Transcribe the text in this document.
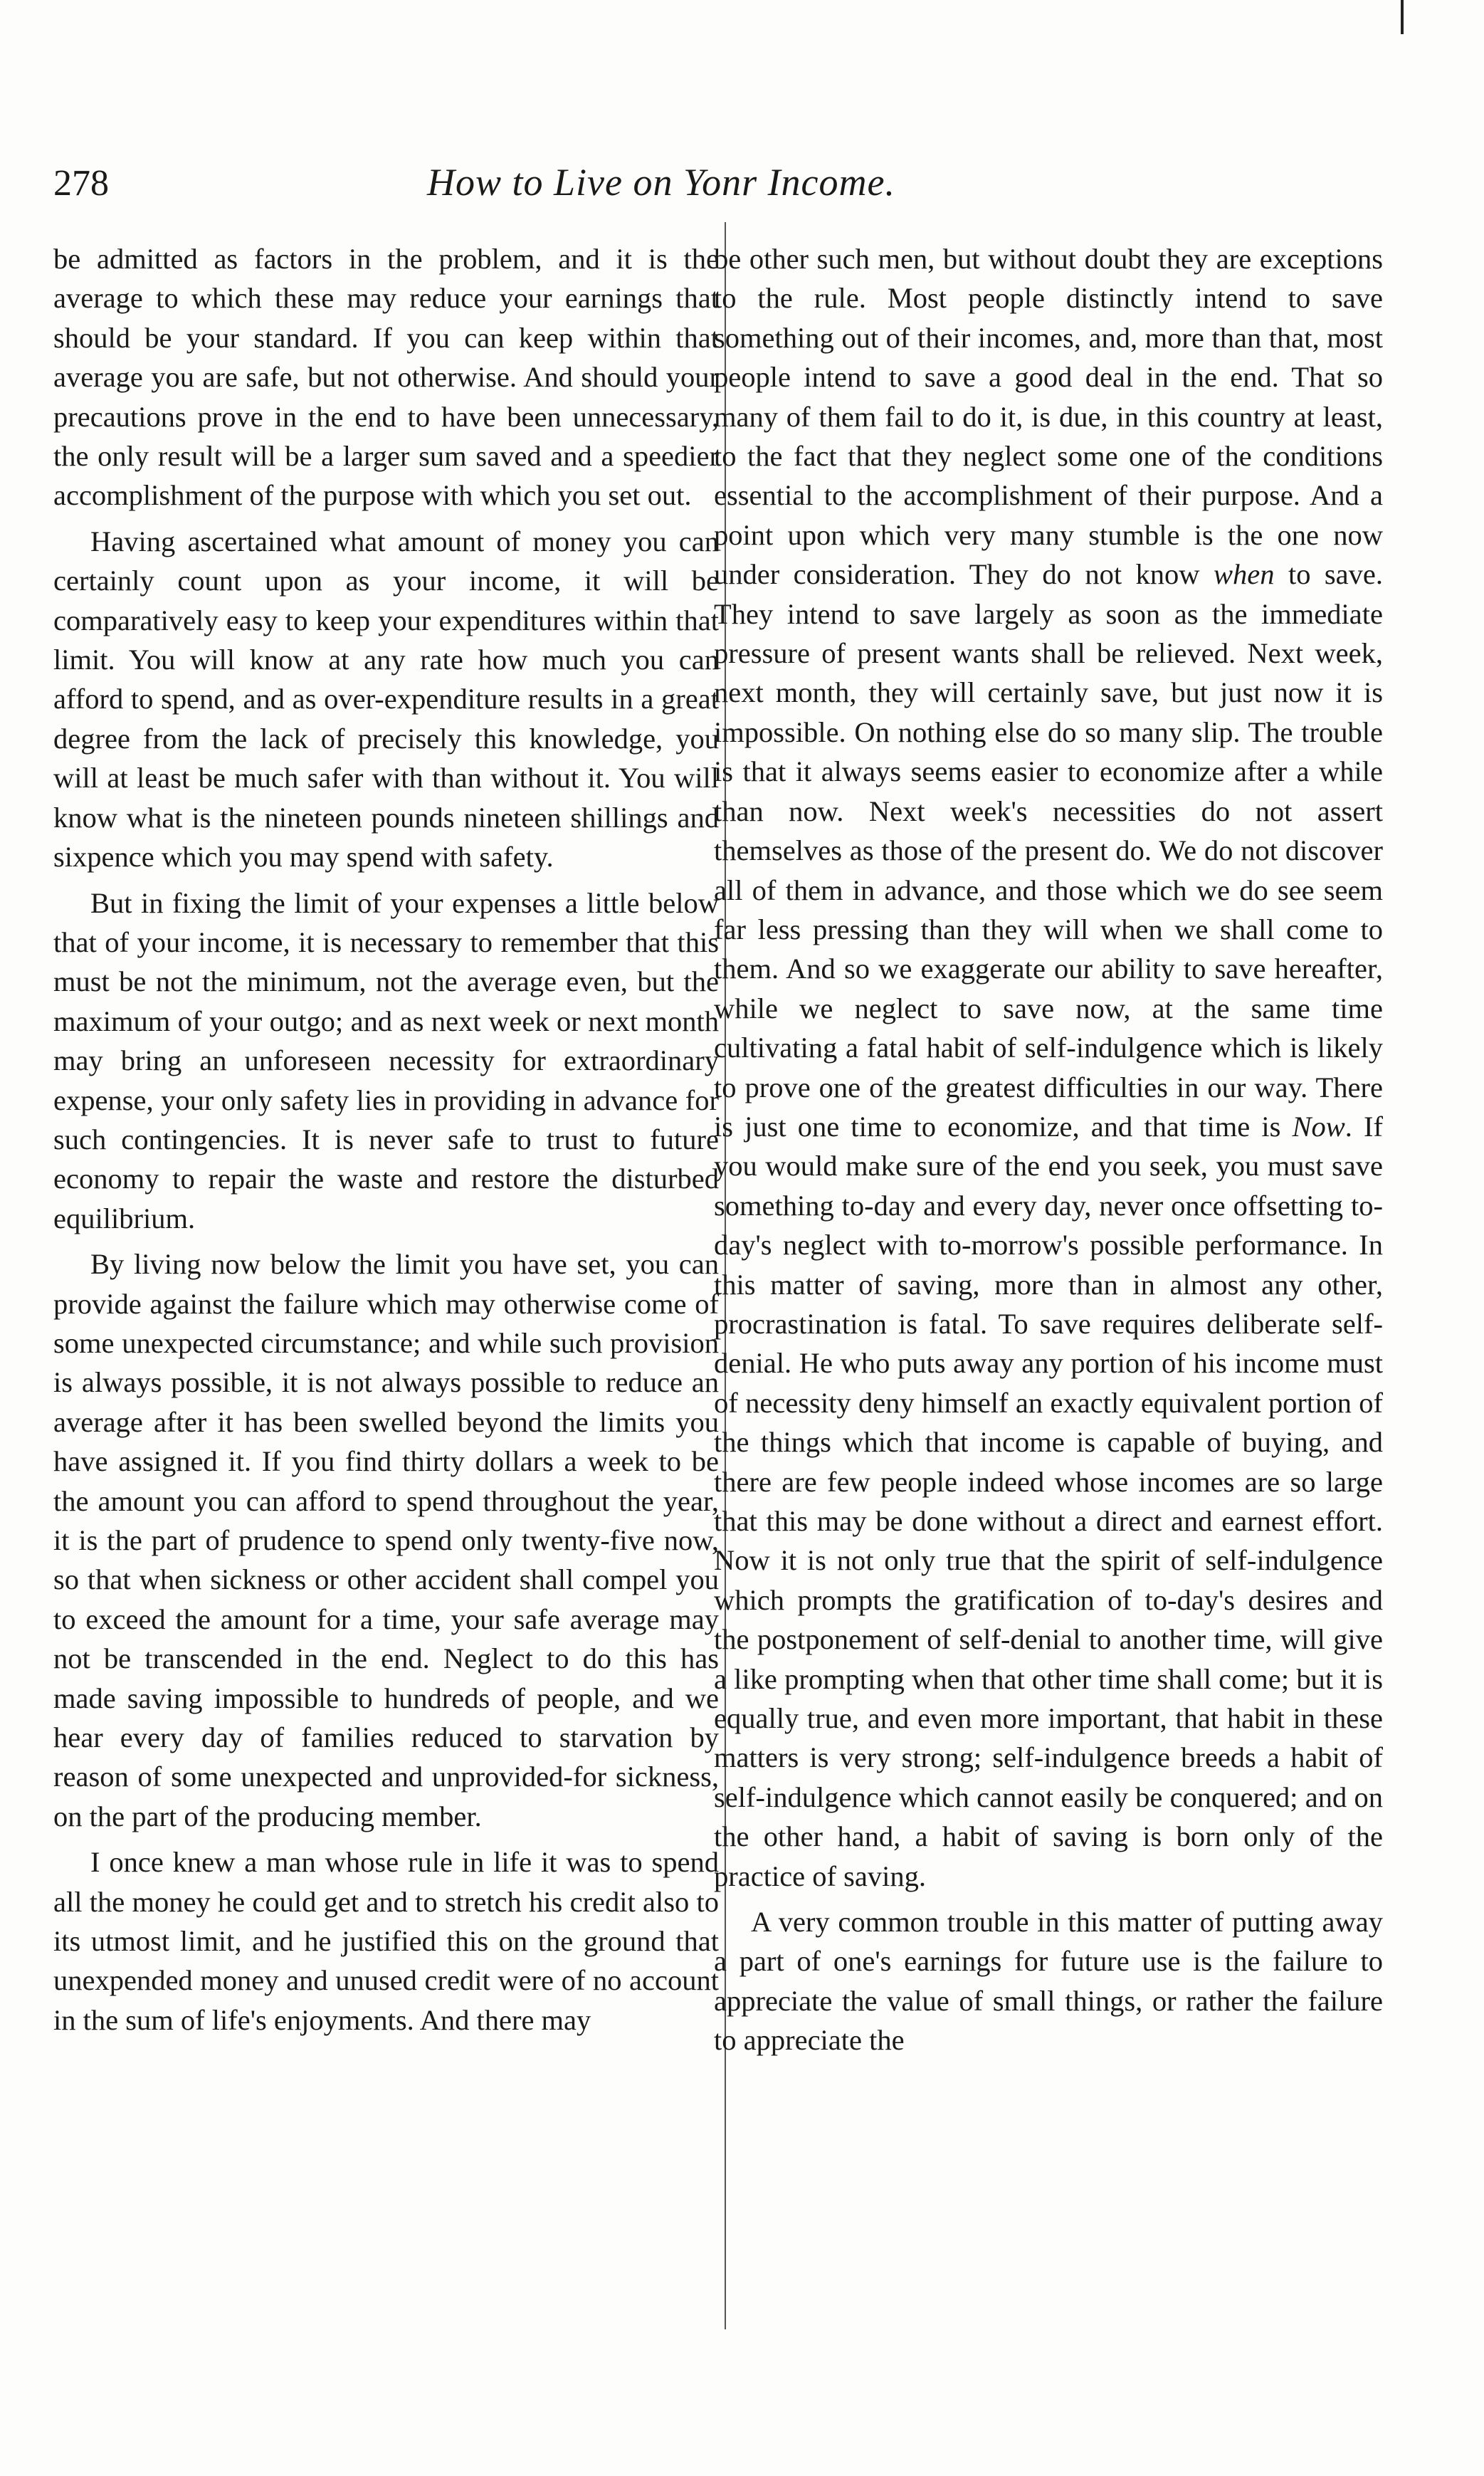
278	How to Live on Yonr Income.

be admitted as factors in the problem, and it is the average to which these may reduce your earnings that should be your standard. If you can keep within that average you are safe, but not otherwise. And should your precautions prove in the end to have been unnecessary, the only result will be a larger sum saved and a speedier accomplishment of the purpose with which you set out.

Having ascertained what amount of money you can certainly count upon as your income, it will be comparatively easy to keep your expenditures within that limit. You will know at any rate how much you can afford to spend, and as over-expenditure results in a great degree from the lack of precisely this knowledge, you will at least be much safer with than without it. You will know what is the nineteen pounds nineteen shillings and sixpence which you may spend with safety.

But in fixing the limit of your expenses a little below that of your income, it is necessary to remember that this must be not the minimum, not the average even, but the maximum of your outgo; and as next week or next month may bring an unforeseen necessity for extraordinary expense, your only safety lies in providing in advance for such contingencies. It is never safe to trust to future economy to repair the waste and restore the disturbed equilibrium.

By living now below the limit you have set, you can provide against the failure which may otherwise come of some unexpected circumstance; and while such provision is always possible, it is not always possible to reduce an average after it has been swelled beyond the limits you have assigned it. If you find thirty dollars a week to be the amount you can afford to spend throughout the year, it is the part of prudence to spend only twenty-five now, so that when sickness or other accident shall compel you to exceed the amount for a time, your safe average may not be transcended in the end. Neglect to do this has made saving impossible to hundreds of people, and we hear every day of families reduced to starvation by reason of some unexpected and unprovided-for sickness, on the part of the producing member.

I once knew a man whose rule in life it was to spend all the money he could get and to stretch his credit also to its utmost limit, and he justified this on the ground that unexpended money and unused credit were of no account in the sum of life's enjoyments. And there may

be other such men, but without doubt they are exceptions to the rule. Most people distinctly intend to save something out of their incomes, and, more than that, most people intend to save a good deal in the end. That so many of them fail to do it, is due, in this country at least, to the fact that they neglect some one of the conditions essential to the accomplishment of their purpose. And a point upon which very many stumble is the one now under consideration. They do not know when to save. They intend to save largely as soon as the immediate pressure of present wants shall be relieved. Next week, next month, they will certainly save, but just now it is impossible. On nothing else do so many slip. The trouble is that it always seems easier to economize after a while than now. Next week's necessities do not assert themselves as those of the present do. We do not discover all of them in advance, and those which we do see seem far less pressing than they will when we shall come to them. And so we exaggerate our ability to save hereafter, while we neglect to save now, at the same time cultivating a fatal habit of self-indulgence which is likely to prove one of the greatest difficulties in our way. There is just one time to economize, and that time is Now. If you would make sure of the end you seek, you must save something to-day and every day, never once offsetting to-day's neglect with to-morrow's possible performance. In this matter of saving, more than in almost any other, procrastination is fatal. To save requires deliberate self-denial. He who puts away any portion of his income must of necessity deny himself an exactly equivalent portion of the things which that income is capable of buying, and there are few people indeed whose incomes are so large that this may be done without a direct and earnest effort. Now it is not only true that the spirit of self-indulgence which prompts the gratification of to-day's desires and the postponement of self-denial to another time, will give a like prompting when that other time shall come; but it is equally true, and even more important, that habit in these matters is very strong; self-indulgence breeds a habit of self-indulgence which cannot easily be conquered; and on the other hand, a habit of saving is born only of the practice of saving.

A very common trouble in this matter of putting away a part of one's earnings for future use is the failure to appreciate the value of small things, or rather the failure to appreciate the
